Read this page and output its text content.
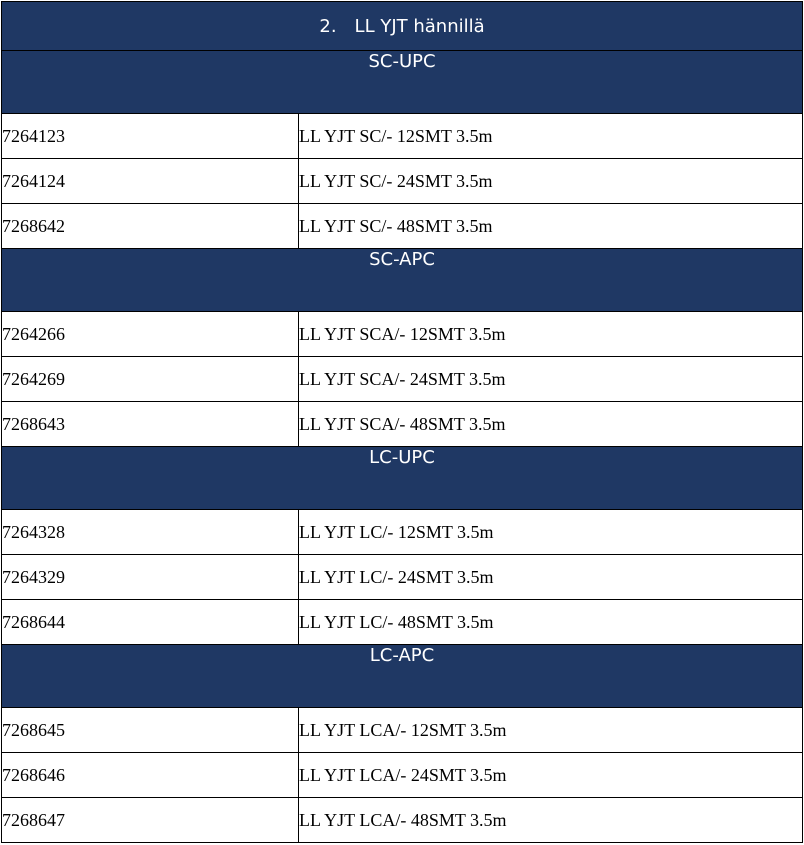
2. LL YJT hännillä	
SC-UPC	
7264123	LL YJT SC/- 12SMT 3.5m
7264124	LL YJT SC/- 24SMT 3.5m
7268642	LL YJT SC/- 48SMT 3.5m
SC-APC	
7264266	LL YJT SCA/- 12SMT 3.5m
7264269	LL YJT SCA/- 24SMT 3.5m
7268643	LL YJT SCA/- 48SMT 3.5m
LC-UPC	
7264328	LL YJT LC/- 12SMT 3.5m
7264329	LL YJT LC/- 24SMT 3.5m
7268644	LL YJT LC/- 48SMT 3.5m
LC-APC	
7268645	LL YJT LCA/- 12SMT 3.5m
7268646	LL YJT LCA/- 24SMT 3.5m
7268647	LL YJT LCA/- 48SMT 3.5m
